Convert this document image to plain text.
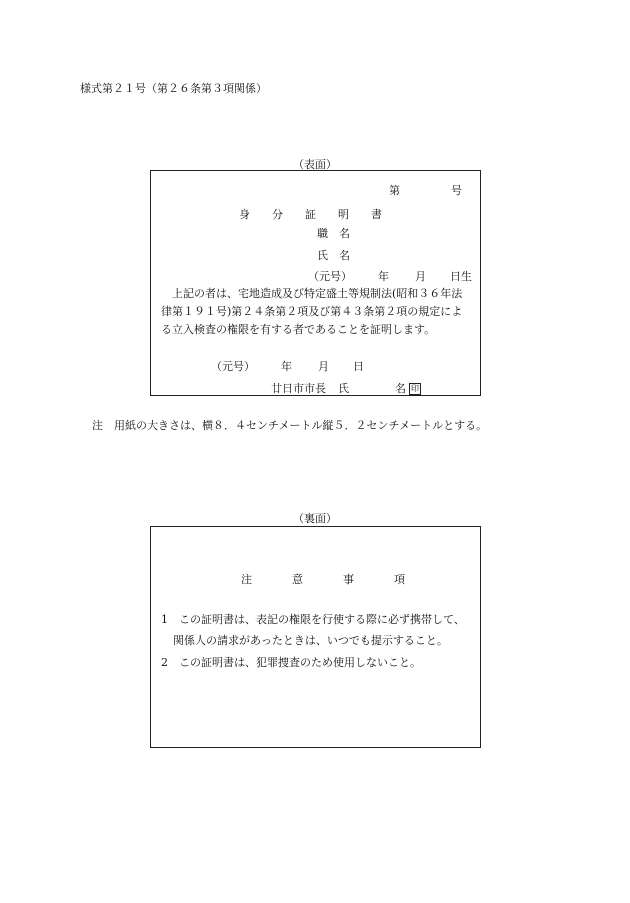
様式第２１号（第２６条第３項関係）
（表面）
第	号
身 分 証 明 書
職　名
氏　名
（元号） 年 月 日生
上記の者は、宅地造成及び特定盛土等規制法(昭和３６年法律第１９１号)第２４条第２項及び第４３条第２項の規定による立入検査の権限を有する者であることを証明します。
（元号） 年 月 日
廿日市市長 氏	名 印
注　用紙の大きさは、横８．４センチメートル縦５．２センチメートルとする。
（裏面）
注	意	事	項
1　この証明書は、表記の権限を行使する際に必ず携帯して、
関係人の請求があったときは、いつでも提示すること。
2　この証明書は、犯罪捜査のため使用しないこと。
